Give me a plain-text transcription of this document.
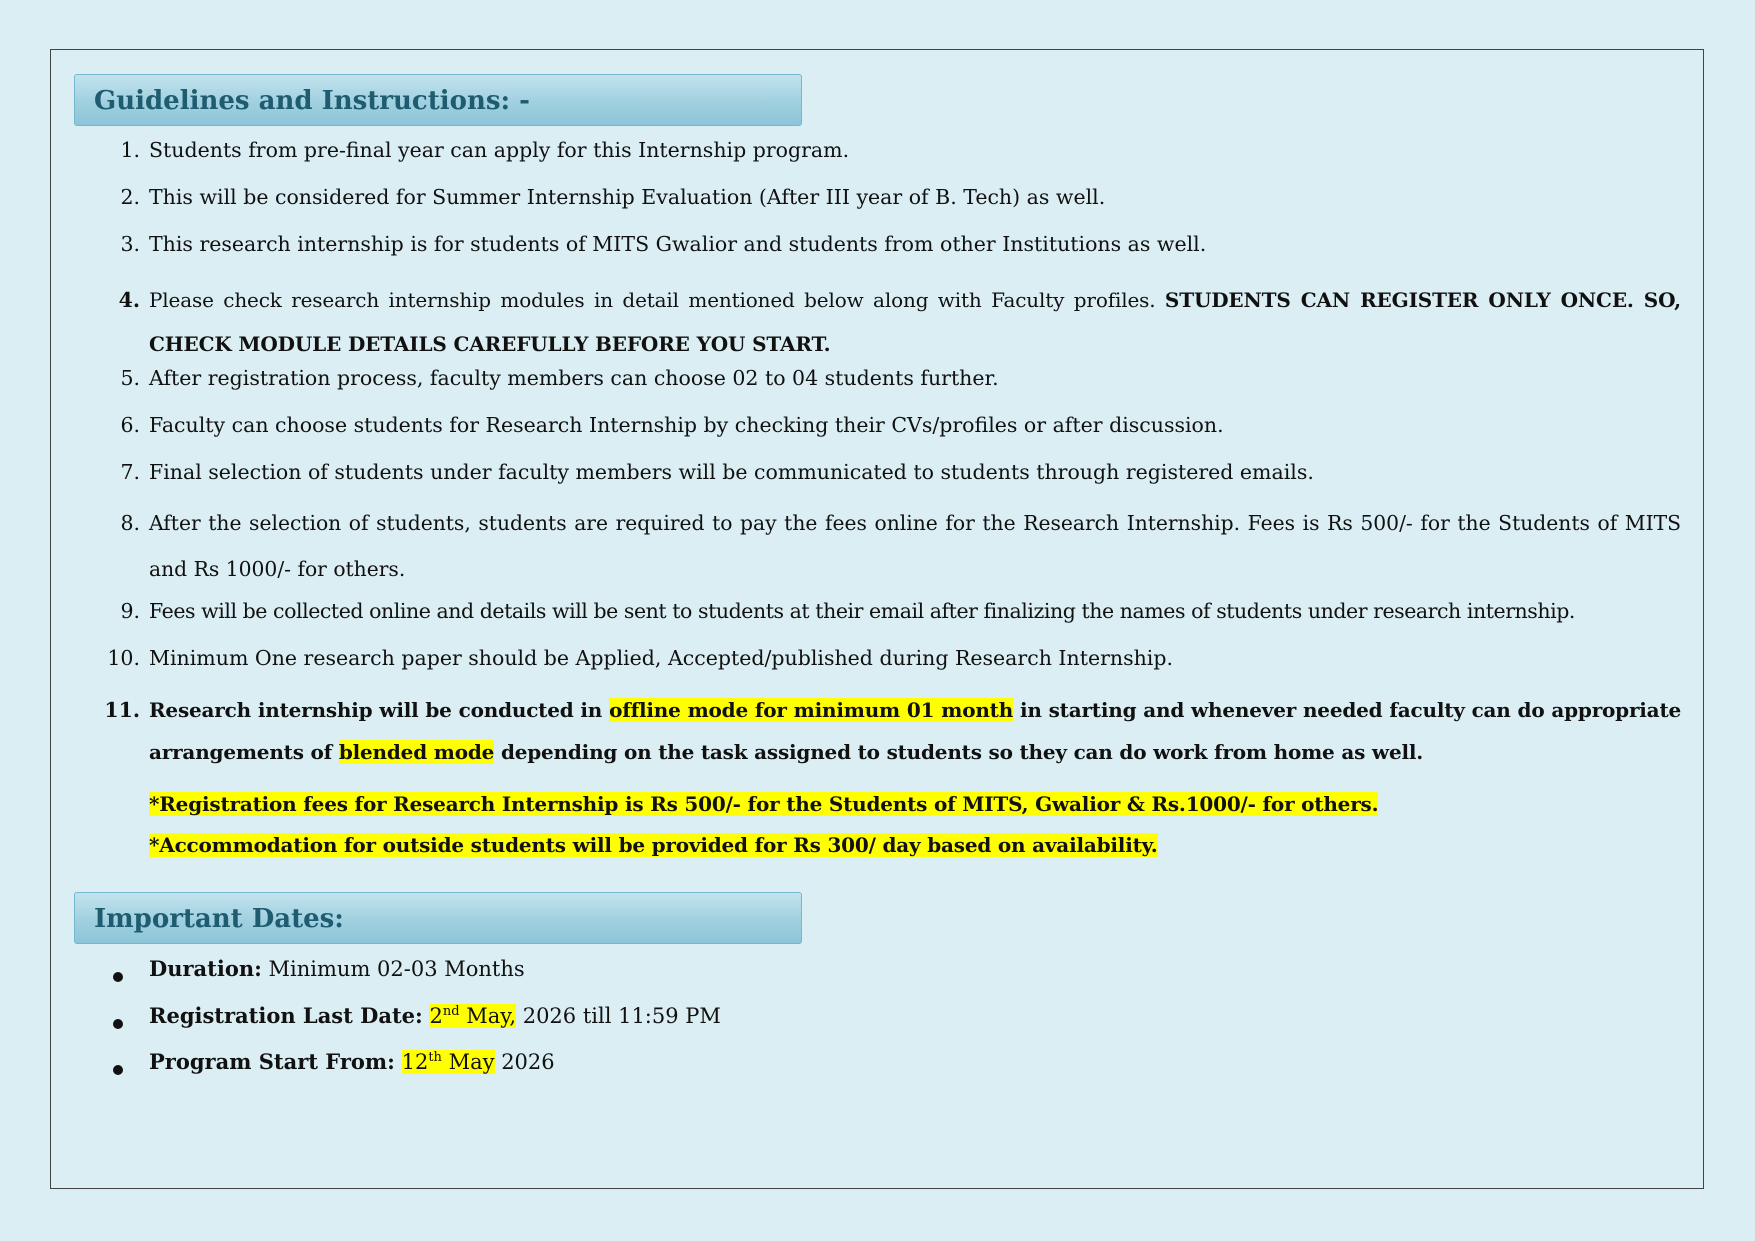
Guidelines and Instructions: -
1. Students from pre-final year can apply for this Internship program.
2. This will be considered for Summer Internship Evaluation (After III year of B. Tech) as well.
3. This research internship is for students of MITS Gwalior and students from other Institutions as well.
4. Please check research internship modules in detail mentioned below along with Faculty profiles. STUDENTS CAN REGISTER ONLY ONCE. SO, CHECK MODULE DETAILS CAREFULLY BEFORE YOU START.
5. After registration process, faculty members can choose 02 to 04 students further.
6. Faculty can choose students for Research Internship by checking their CVs/profiles or after discussion.
7. Final selection of students under faculty members will be communicated to students through registered emails.
8. After the selection of students, students are required to pay the fees online for the Research Internship. Fees is Rs 500/- for the Students of MITS and Rs 1000/- for others.
9. Fees will be collected online and details will be sent to students at their email after finalizing the names of students under research internship.
10. Minimum One research paper should be Applied, Accepted/published during Research Internship.
11. Research internship will be conducted in offline mode for minimum 01 month in starting and whenever needed faculty can do appropriate arrangements of blended mode depending on the task assigned to students so they can do work from home as well.
*Registration fees for Research Internship is Rs 500/- for the Students of MITS, Gwalior & Rs.1000/- for others.
*Accommodation for outside students will be provided for Rs 300/ day based on availability.
Important Dates:
Duration: Minimum 02-03 Months
Registration Last Date: 2nd May, 2026 till 11:59 PM
Program Start From: 12th May 2026
